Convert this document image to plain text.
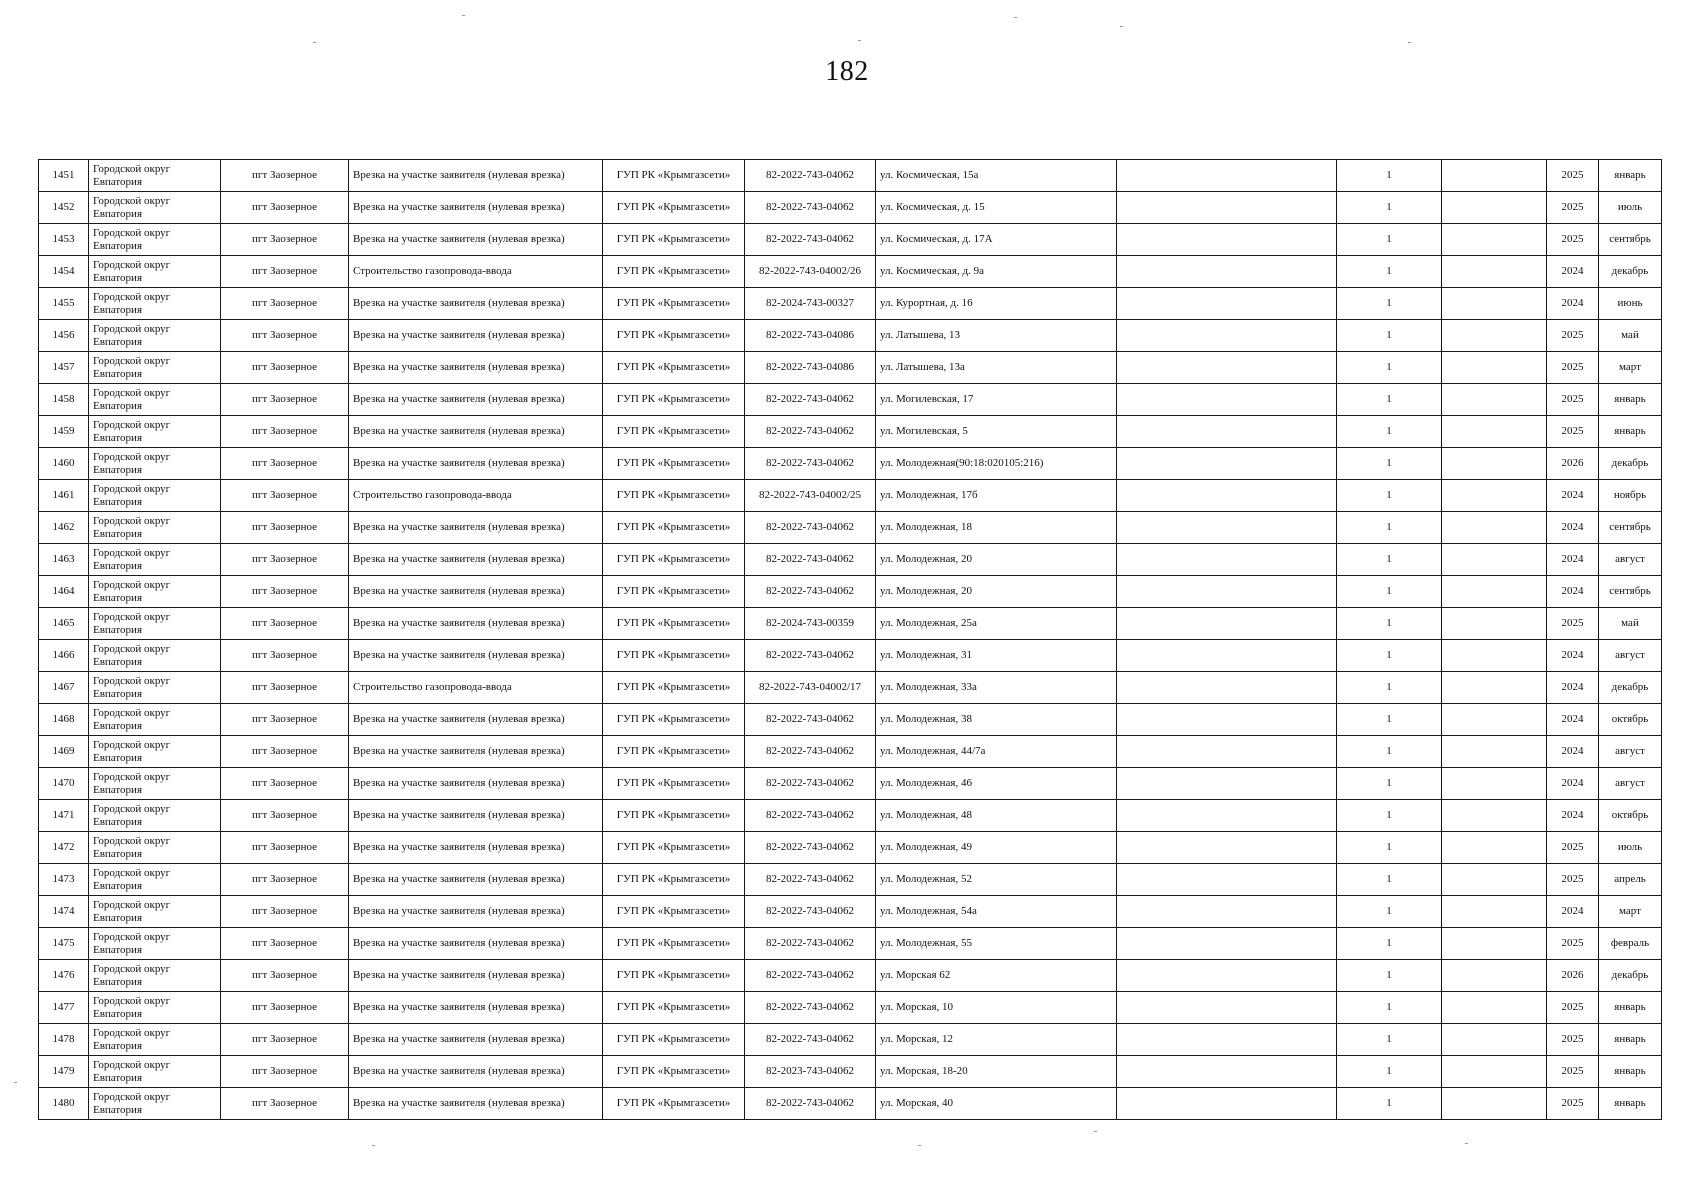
182
1451	Городской округ Евпатория	пгт Заозерное	Врезка на участке заявителя (нулевая врезка)	ГУП РК «Крымгазсети»	82-2022-743-04062	ул. Космическая, 15а		1		2025	январь
1452	Городской округ Евпатория	пгт Заозерное	Врезка на участке заявителя (нулевая врезка)	ГУП РК «Крымгазсети»	82-2022-743-04062	ул. Космическая, д. 15		1		2025	июль
1453	Городской округ Евпатория	пгт Заозерное	Врезка на участке заявителя (нулевая врезка)	ГУП РК «Крымгазсети»	82-2022-743-04062	ул. Космическая, д. 17А		1		2025	сентябрь
1454	Городской округ Евпатория	пгт Заозерное	Строительство газопровода-ввода	ГУП РК «Крымгазсети»	82-2022-743-04002/26	ул. Космическая, д. 9а		1		2024	декабрь
1455	Городской округ Евпатория	пгт Заозерное	Врезка на участке заявителя (нулевая врезка)	ГУП РК «Крымгазсети»	82-2024-743-00327	ул. Курортная, д. 16		1		2024	июнь
1456	Городской округ Евпатория	пгт Заозерное	Врезка на участке заявителя (нулевая врезка)	ГУП РК «Крымгазсети»	82-2022-743-04086	ул. Латышева, 13		1		2025	май
1457	Городской округ Евпатория	пгт Заозерное	Врезка на участке заявителя (нулевая врезка)	ГУП РК «Крымгазсети»	82-2022-743-04086	ул. Латышева, 13а		1		2025	март
1458	Городской округ Евпатория	пгт Заозерное	Врезка на участке заявителя (нулевая врезка)	ГУП РК «Крымгазсети»	82-2022-743-04062	ул. Могилевская, 17		1		2025	январь
1459	Городской округ Евпатория	пгт Заозерное	Врезка на участке заявителя (нулевая врезка)	ГУП РК «Крымгазсети»	82-2022-743-04062	ул. Могилевская, 5		1		2025	январь
1460	Городской округ Евпатория	пгт Заозерное	Врезка на участке заявителя (нулевая врезка)	ГУП РК «Крымгазсети»	82-2022-743-04062	ул. Молодежная(90:18:020105:216)		1		2026	декабрь
1461	Городской округ Евпатория	пгт Заозерное	Строительство газопровода-ввода	ГУП РК «Крымгазсети»	82-2022-743-04002/25	ул. Молодежная, 17б		1		2024	ноябрь
1462	Городской округ Евпатория	пгт Заозерное	Врезка на участке заявителя (нулевая врезка)	ГУП РК «Крымгазсети»	82-2022-743-04062	ул. Молодежная, 18		1		2024	сентябрь
1463	Городской округ Евпатория	пгт Заозерное	Врезка на участке заявителя (нулевая врезка)	ГУП РК «Крымгазсети»	82-2022-743-04062	ул. Молодежная, 20		1		2024	август
1464	Городской округ Евпатория	пгт Заозерное	Врезка на участке заявителя (нулевая врезка)	ГУП РК «Крымгазсети»	82-2022-743-04062	ул. Молодежная, 20		1		2024	сентябрь
1465	Городской округ Евпатория	пгт Заозерное	Врезка на участке заявителя (нулевая врезка)	ГУП РК «Крымгазсети»	82-2024-743-00359	ул. Молодежная, 25а		1		2025	май
1466	Городской округ Евпатория	пгт Заозерное	Врезка на участке заявителя (нулевая врезка)	ГУП РК «Крымгазсети»	82-2022-743-04062	ул. Молодежная, 31		1		2024	август
1467	Городской округ Евпатория	пгт Заозерное	Строительство газопровода-ввода	ГУП РК «Крымгазсети»	82-2022-743-04002/17	ул. Молодежная, 33а		1		2024	декабрь
1468	Городской округ Евпатория	пгт Заозерное	Врезка на участке заявителя (нулевая врезка)	ГУП РК «Крымгазсети»	82-2022-743-04062	ул. Молодежная, 38		1		2024	октябрь
1469	Городской округ Евпатория	пгт Заозерное	Врезка на участке заявителя (нулевая врезка)	ГУП РК «Крымгазсети»	82-2022-743-04062	ул. Молодежная, 44/7а		1		2024	август
1470	Городской округ Евпатория	пгт Заозерное	Врезка на участке заявителя (нулевая врезка)	ГУП РК «Крымгазсети»	82-2022-743-04062	ул. Молодежная, 46		1		2024	август
1471	Городской округ Евпатория	пгт Заозерное	Врезка на участке заявителя (нулевая врезка)	ГУП РК «Крымгазсети»	82-2022-743-04062	ул. Молодежная, 48		1		2024	октябрь
1472	Городской округ Евпатория	пгт Заозерное	Врезка на участке заявителя (нулевая врезка)	ГУП РК «Крымгазсети»	82-2022-743-04062	ул. Молодежная, 49		1		2025	июль
1473	Городской округ Евпатория	пгт Заозерное	Врезка на участке заявителя (нулевая врезка)	ГУП РК «Крымгазсети»	82-2022-743-04062	ул. Молодежная, 52		1		2025	апрель
1474	Городской округ Евпатория	пгт Заозерное	Врезка на участке заявителя (нулевая врезка)	ГУП РК «Крымгазсети»	82-2022-743-04062	ул. Молодежная, 54а		1		2024	март
1475	Городской округ Евпатория	пгт Заозерное	Врезка на участке заявителя (нулевая врезка)	ГУП РК «Крымгазсети»	82-2022-743-04062	ул. Молодежная, 55		1		2025	февраль
1476	Городской округ Евпатория	пгт Заозерное	Врезка на участке заявителя (нулевая врезка)	ГУП РК «Крымгазсети»	82-2022-743-04062	ул. Морская 62		1		2026	декабрь
1477	Городской округ Евпатория	пгт Заозерное	Врезка на участке заявителя (нулевая врезка)	ГУП РК «Крымгазсети»	82-2022-743-04062	ул. Морская, 10		1		2025	январь
1478	Городской округ Евпатория	пгт Заозерное	Врезка на участке заявителя (нулевая врезка)	ГУП РК «Крымгазсети»	82-2022-743-04062	ул. Морская, 12		1		2025	январь
1479	Городской округ Евпатория	пгт Заозерное	Врезка на участке заявителя (нулевая врезка)	ГУП РК «Крымгазсети»	82-2023-743-04062	ул. Морская, 18-20		1		2025	январь
1480	Городской округ Евпатория	пгт Заозерное	Врезка на участке заявителя (нулевая врезка)	ГУП РК «Крымгазсети»	82-2022-743-04062	ул. Морская, 40		1		2025	январь
